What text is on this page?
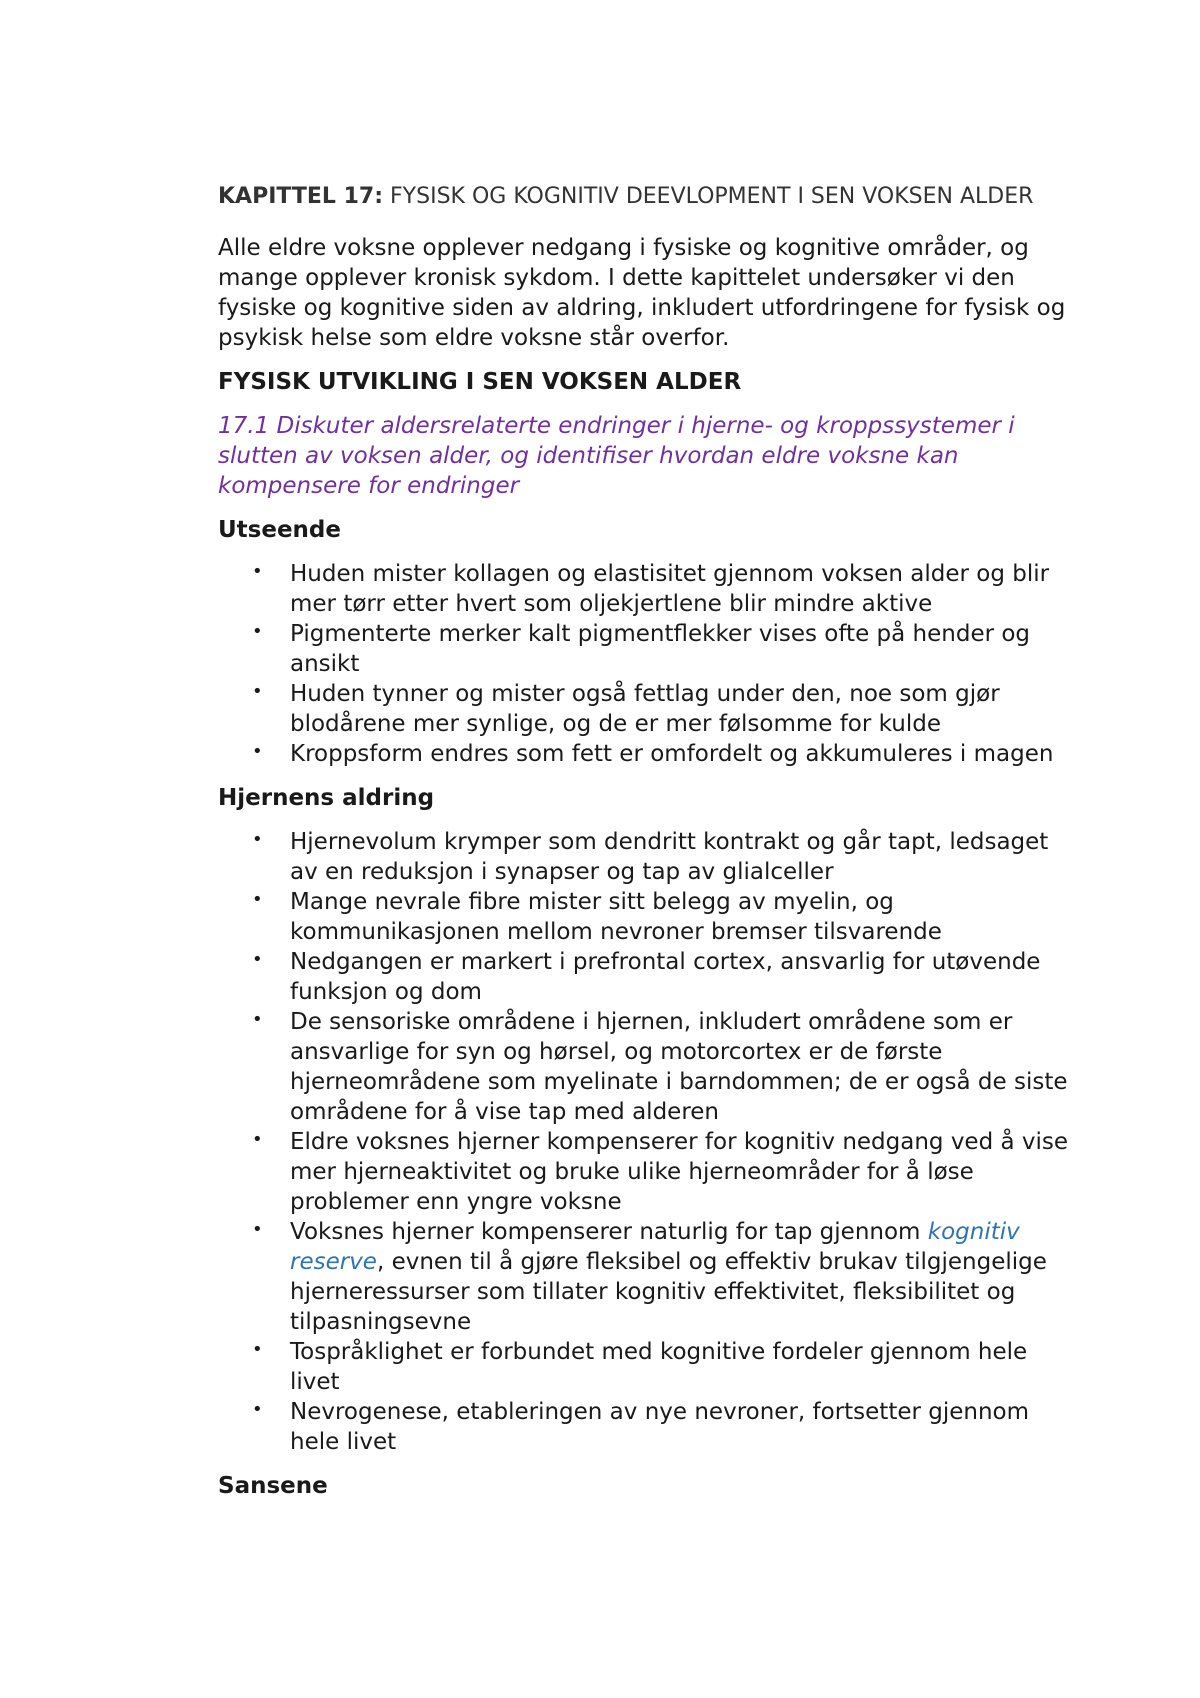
KAPITTEL 17: FYSISK OG KOGNITIV DEEVLOPMENT I SEN VOKSEN ALDER

Alle eldre voksne opplever nedgang i fysiske og kognitive områder, og mange opplever kronisk sykdom. I dette kapittelet undersøker vi den fysiske og kognitive siden av aldring, inkludert utfordringene for fysisk og psykisk helse som eldre voksne står overfor.

FYSISK UTVIKLING I SEN VOKSEN ALDER

17.1 Diskuter aldersrelaterte endringer i hjerne- og kroppssystemer i slutten av voksen alder, og identifiser hvordan eldre voksne kan kompensere for endringer

Utseende
• Huden mister kollagen og elastisitet gjennom voksen alder og blir mer tørr etter hvert som oljekjertlene blir mindre aktive
• Pigmenterte merker kalt pigmentflekker vises ofte på hender og ansikt
• Huden tynner og mister også fettlag under den, noe som gjør blodårene mer synlige, og de er mer følsomme for kulde
• Kroppsform endres som fett er omfordelt og akkumuleres i magen
Hjernens aldring
• Hjernevolum krymper som dendritt kontrakt og går tapt, ledsaget av en reduksjon i synapser og tap av glialceller
• Mange nevrale fibre mister sitt belegg av myelin, og kommunikasjonen mellom nevroner bremser tilsvarende
• Nedgangen er markert i prefrontal cortex, ansvarlig for utøvende funksjon og dom
• De sensoriske områdene i hjernen, inkludert områdene som er ansvarlige for syn og hørsel, og motorcortex er de første hjerneområdene som myelinate i barndommen; de er også de siste områdene for å vise tap med alderen
• Eldre voksnes hjerner kompenserer for kognitiv nedgang ved å vise mer hjerneaktivitet og bruke ulike hjerneområder for å løse problemer enn yngre voksne
• Voksnes hjerner kompenserer naturlig for tap gjennom kognitiv reserve, evnen til å gjøre fleksibel og effektiv brukav tilgjengelige hjerneressurser som tillater kognitiv effektivitet, fleksibilitet og tilpasningsevne
• Tospråklighet er forbundet med kognitive fordeler gjennom hele livet
• Nevrogenese, etableringen av nye nevroner, fortsetter gjennom hele livet
Sansene
